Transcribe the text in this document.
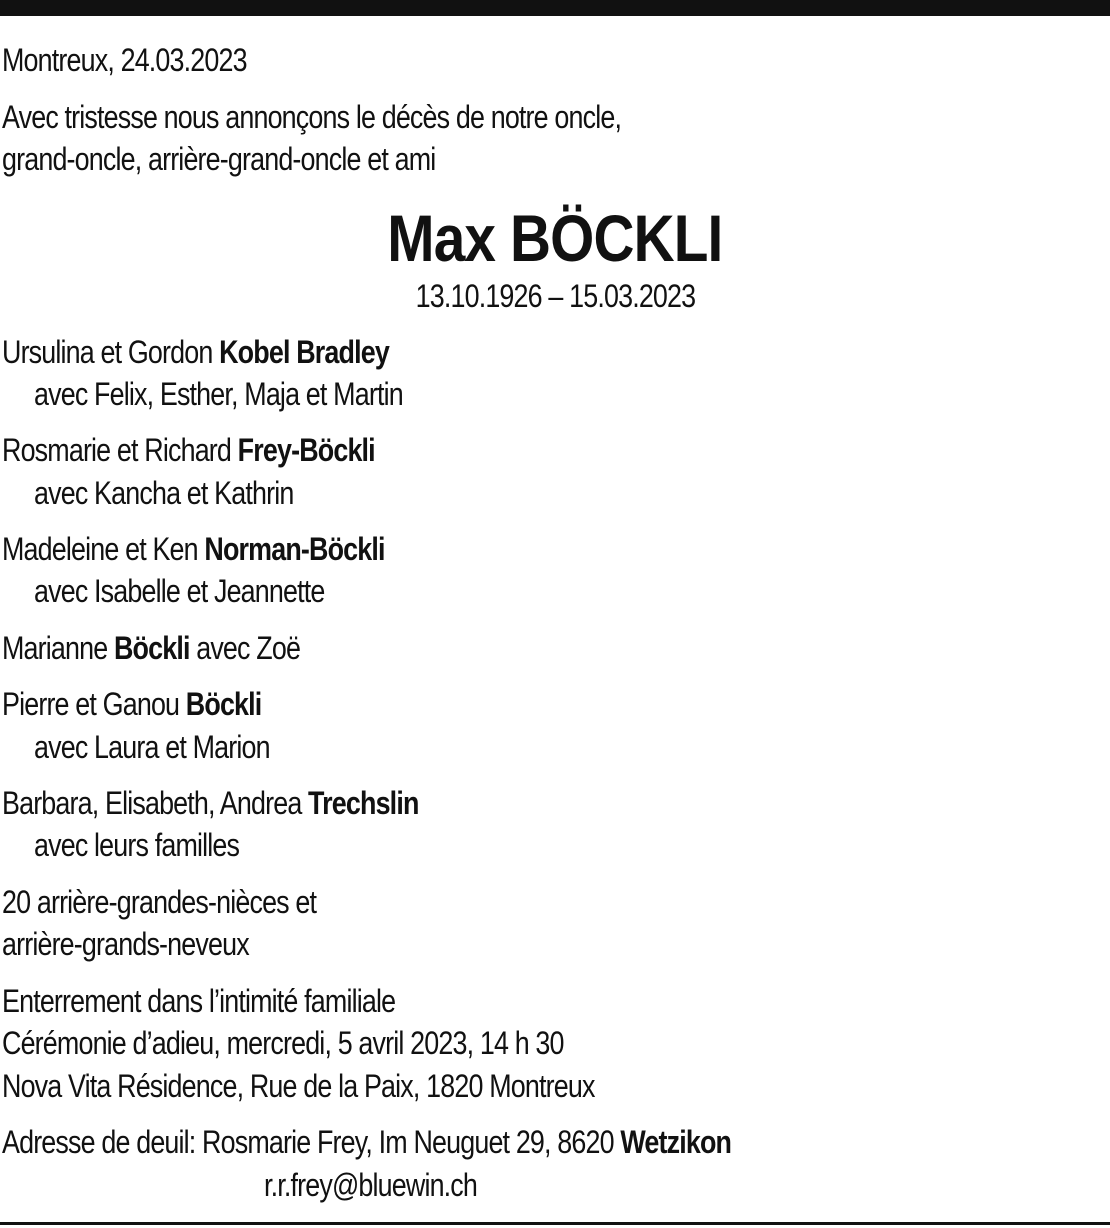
Montreux, 24.03.2023
Avec tristesse nous annonçons le décès de notre oncle,
grand-oncle, arrière-grand-oncle et ami
Max BÖCKLI
13.10.1926 – 15.03.2023
Ursulina et Gordon Kobel Bradley
avec Felix, Esther, Maja et Martin
Rosmarie et Richard Frey-Böckli
avec Kancha et Kathrin
Madeleine et Ken Norman-Böckli
avec Isabelle et Jeannette
Marianne Böckli avec Zoë
Pierre et Ganou Böckli
avec Laura et Marion
Barbara, Elisabeth, Andrea Trechslin
avec leurs familles
20 arrière-grandes-nièces et
arrière-grands-neveux
Enterrement dans l’intimité familiale
Cérémonie d’adieu, mercredi, 5 avril 2023, 14 h 30
Nova Vita Résidence, Rue de la Paix, 1820 Montreux
Adresse de deuil: Rosmarie Frey, Im Neuguet 29, 8620 Wetzikon
r.r.frey@bluewin.ch
